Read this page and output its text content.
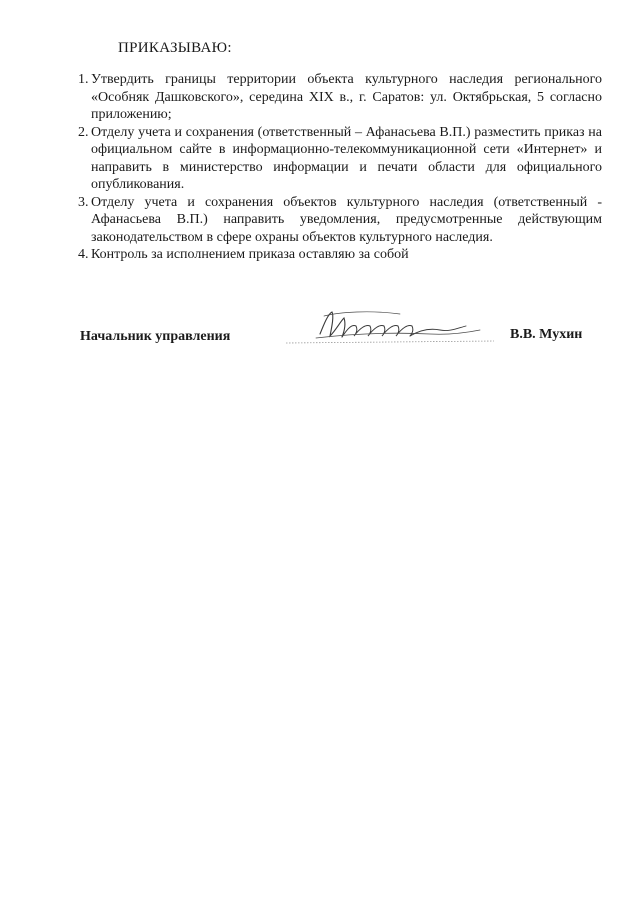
ПРИКАЗЫВАЮ:
1. Утвердить границы территории объекта культурного наследия регионального «Особняк Дашковского», середина XIX в., г. Саратов: ул. Октябрьская, 5 согласно приложению;
2. Отделу учета и сохранения (ответственный – Афанасьева В.П.) разместить приказ на официальном сайте в информационно-телекоммуникационной сети «Интернет» и направить в министерство информации и печати области для официального опубликования.
3. Отделу учета и сохранения объектов культурного наследия (ответственный - Афанасьева В.П.) направить уведомления, предусмотренные действующим законодательством в сфере охраны объектов культурного наследия.
4. Контроль за исполнением приказа оставляю за собой
Начальник управления	В.В. Мухин
